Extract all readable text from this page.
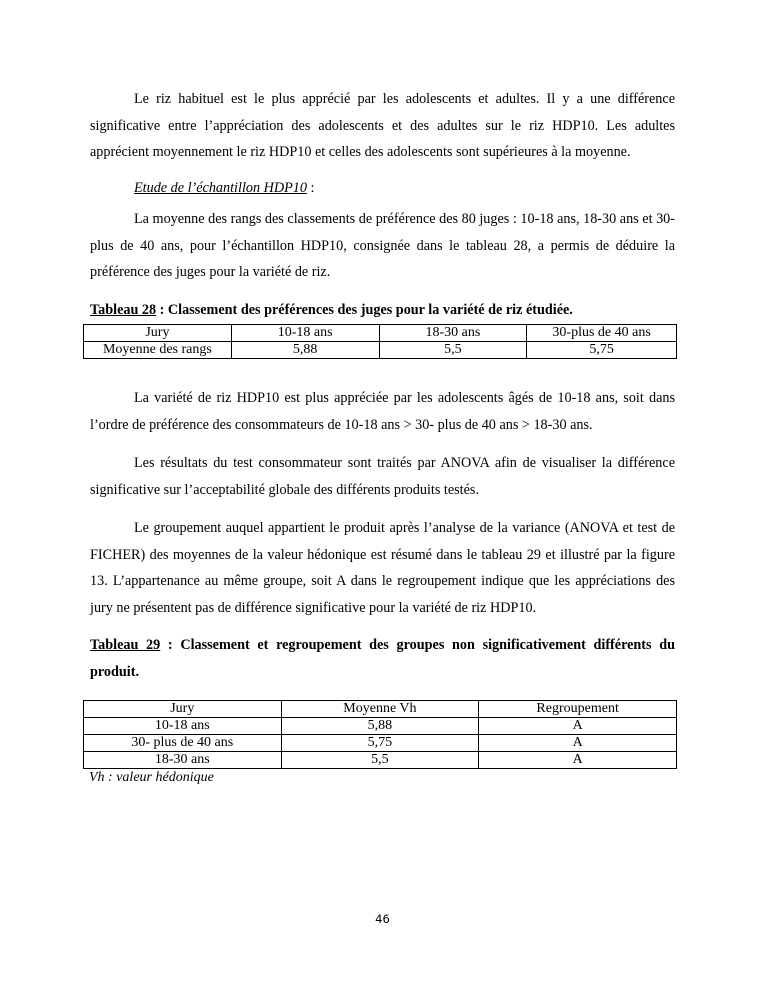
Le riz habituel est le plus apprécié par les adolescents et adultes. Il y a une différence significative entre l’appréciation des adolescents et des adultes sur le riz HDP10. Les adultes apprécient moyennement le riz HDP10 et celles des adolescents sont supérieures à la moyenne.

Etude de l’échantillon HDP10 :

La moyenne des rangs des classements de préférence des 80 juges : 10-18 ans, 18-30 ans et 30- plus de 40 ans, pour l’échantillon HDP10, consignée dans le tableau 28, a permis de déduire la préférence des juges pour la variété de riz.

Tableau 28 : Classement des préférences des juges pour la variété de riz étudiée.

Jury	10-18 ans	18-30 ans	30-plus de 40 ans
Moyenne des rangs	5,88	5,5	5,75

La variété de riz HDP10 est plus appréciée par les adolescents âgés de 10-18 ans, soit dans l’ordre de préférence des consommateurs de 10-18 ans > 30- plus de 40 ans > 18-30 ans.

Les résultats du test consommateur sont traités par ANOVA afin de visualiser la différence significative sur l’acceptabilité globale des différents produits testés.

Le groupement auquel appartient le produit après l’analyse de la variance (ANOVA et test de FICHER) des moyennes de la valeur hédonique est résumé dans le tableau 29 et illustré par la figure 13. L’appartenance au même groupe, soit A dans le regroupement indique que les appréciations des jury ne présentent pas de différence significative pour la variété de riz HDP10.

Tableau 29 : Classement et regroupement des groupes non significativement différents du produit.

Jury	Moyenne Vh	Regroupement
10-18 ans	5,88	A
30- plus de 40 ans	5,75	A
18-30 ans	5,5	A
Vh : valeur hédonique
46
